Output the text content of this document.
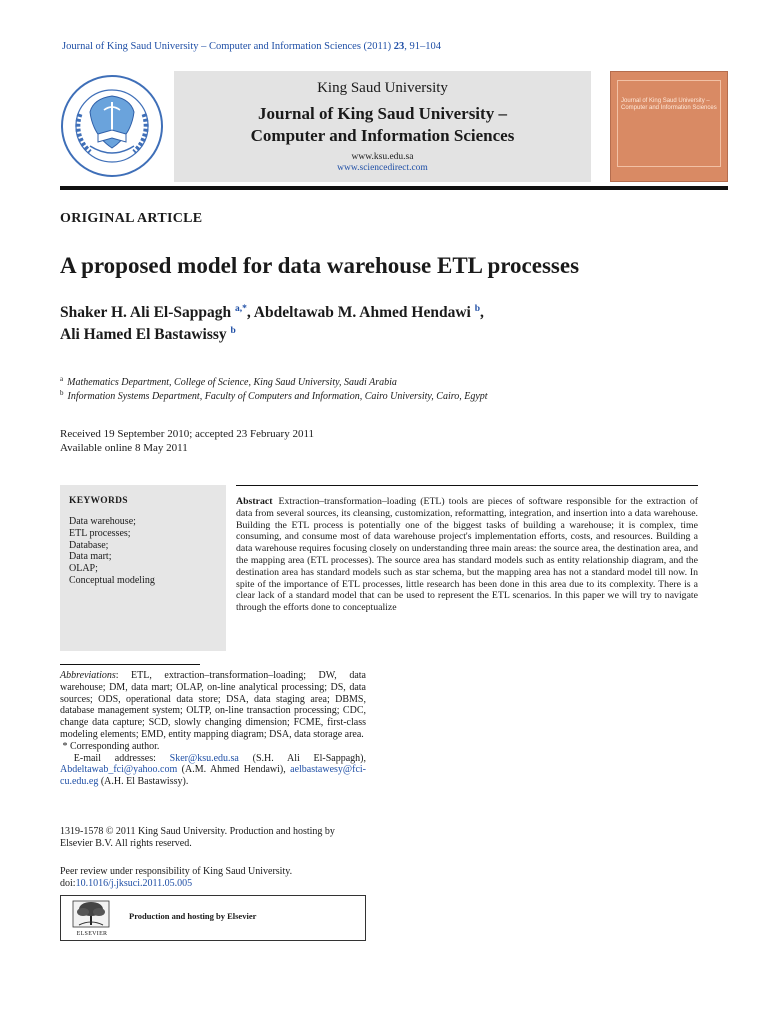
Journal of King Saud University – Computer and Information Sciences (2011) 23, 91–104
King Saud University
Journal of King Saud University –
Computer and Information Sciences
www.ksu.edu.sa
www.sciencedirect.com
Journal of King Saud University – Computer and Information Sciences
ORIGINAL ARTICLE
A proposed model for data warehouse ETL processes
Shaker H. Ali El-Sappagh $^{a,*}$, Abdeltawab M. Ahmed Hendawi $^b$,
Ali Hamed El Bastawissy $^b$
$^a$ Mathematics Department, College of Science, King Saud University, Saudi Arabia
$^b$ Information Systems Department, Faculty of Computers and Information, Cairo University, Cairo, Egypt
Received 19 September 2010; accepted 23 February 2011
Available online 8 May 2011
KEYWORDS
Data warehouse;
ETL processes;
Database;
Data mart;
OLAP;
Conceptual modeling
Abstract Extraction–transformation–loading (ETL) tools are pieces of software responsible for the extraction of data from several sources, its cleansing, customization, reformatting, integration, and insertion into a data warehouse. Building the ETL process is potentially one of the biggest tasks of building a warehouse; it is complex, time consuming, and consume most of data warehouse project's implementation efforts, costs, and resources. Building a data warehouse requires focusing closely on understanding three main areas: the source area, the destination area, and the mapping area (ETL processes). The source area has standard models such as entity relationship diagram, and the destination area has standard models such as star schema, but the mapping area has not a standard model till now. In spite of the importance of ETL processes, little research has been done in this area due to its complexity. There is a clear lack of a standard model that can be used to represent the ETL scenarios. In this paper we will try to navigate through the efforts done to conceptualize
Abbreviations: ETL, extraction–transformation–loading; DW, data warehouse; DM, data mart; OLAP, on-line analytical processing; DS, data sources; ODS, operational data store; DSA, data staging area; DBMS, database management system; OLTP, on-line transaction processing; CDC, change data capture; SCD, slowly changing dimension; FCME, first-class modeling elements; EMD, entity mapping diagram; DSA, data storage area.
* Corresponding author.
E-mail addresses: Sker@ksu.edu.sa (S.H. Ali El-Sappagh), Abdeltawab_fci@yahoo.com (A.M. Ahmed Hendawi), aelbastawesy@fci-cu.edu.eg (A.H. El Bastawissy).
1319-1578 © 2011 King Saud University. Production and hosting by Elsevier B.V. All rights reserved.
Peer review under responsibility of King Saud University.
doi:10.1016/j.jksuci.2011.05.005
ELSEVIER
Production and hosting by Elsevier
